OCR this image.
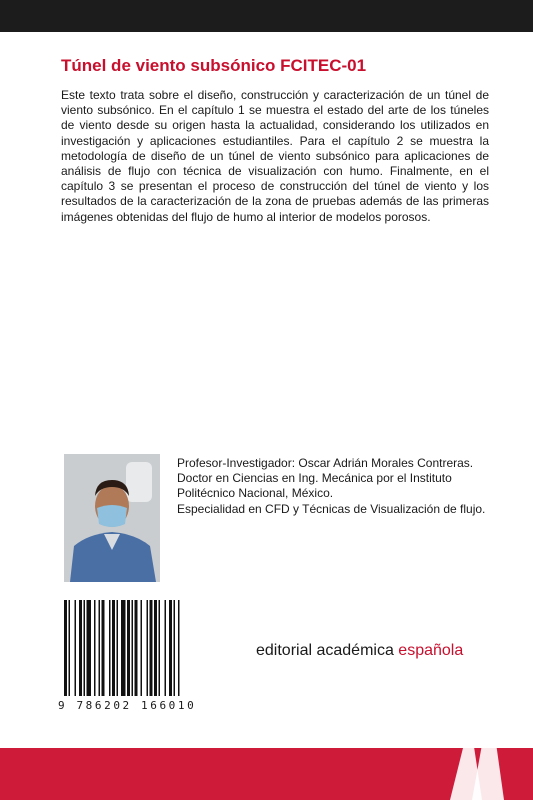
Túnel de viento subsónico FCITEC-01

Este texto trata sobre el diseño, construcción y caracterización de un túnel de viento subsónico. En el capítulo 1 se muestra el estado del arte de los túneles de viento desde su origen hasta la actualidad, considerando los utilizados en investigación y aplicaciones estudiantiles. Para el capítulo 2 se muestra la metodología de diseño de un túnel de viento subsónico para aplicaciones de análisis de flujo con técnica de visualización con humo. Finalmente, en el capítulo 3 se presentan el proceso de construcción del túnel de viento y los resultados de la caracterización de la zona de pruebas además de las primeras imágenes obtenidas del flujo de humo al interior de modelos porosos.

Profesor-Investigador: Oscar Adrián Morales Contreras.

Doctor en Ciencias en Ing. Mecánica por el Instituto Politécnico Nacional, México.

Especialidad en CFD y Técnicas de Visualización de flujo.

9 786202 166010
editorial académica española
